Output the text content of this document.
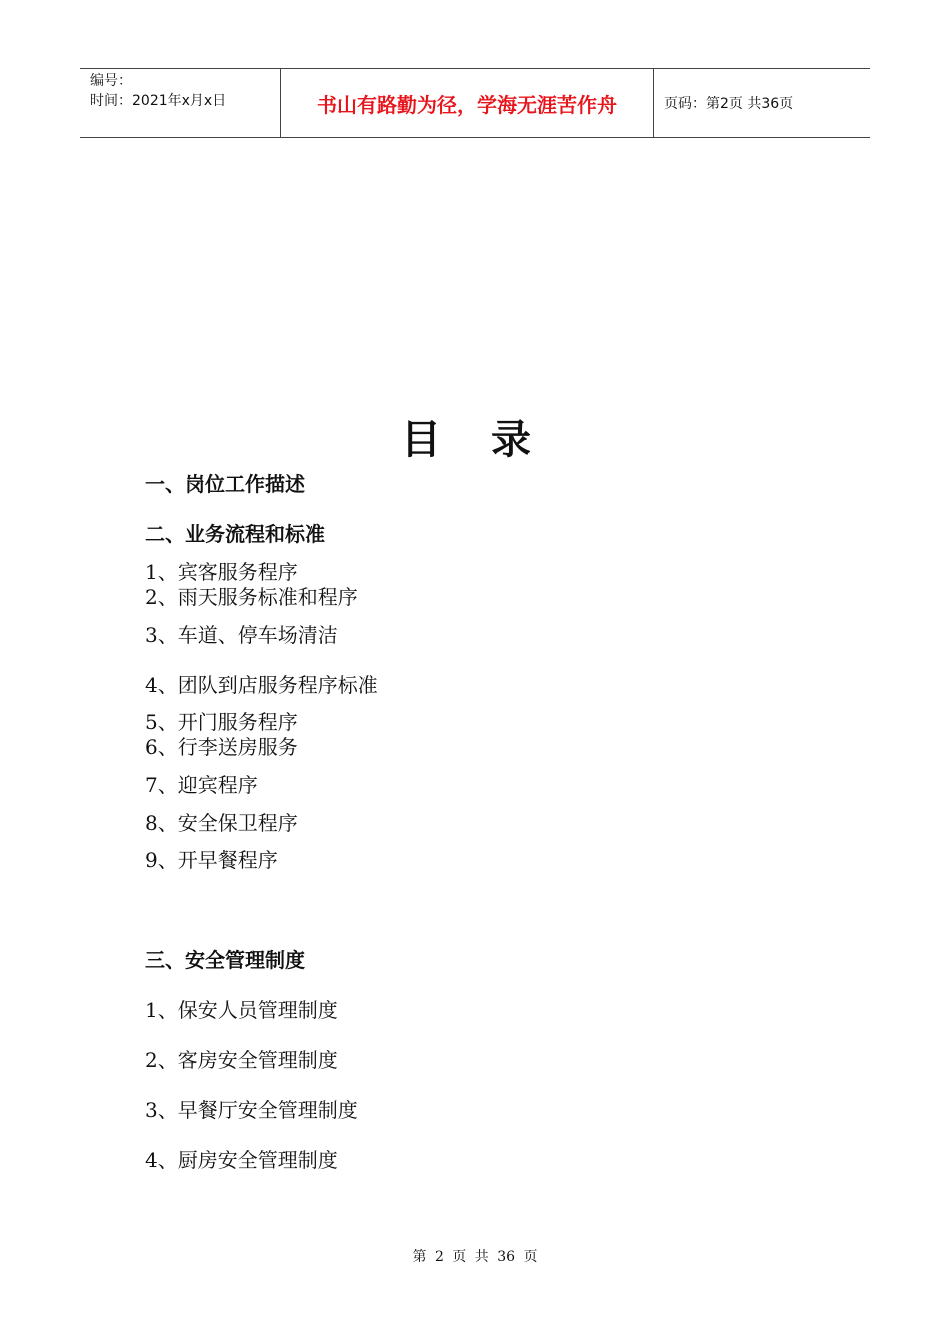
编号：
时间：2021年x月x日	书山有路勤为径，学海无涯苦作舟	页码：第2页 共36页
目 录
一、岗位工作描述
二、业务流程和标准
1、宾客服务程序
2、雨天服务标准和程序
3、车道、停车场清洁
4、团队到店服务程序标准
5、开门服务程序
6、行李送房服务
7、迎宾程序
8、安全保卫程序
9、开早餐程序
三、安全管理制度
1、保安人员管理制度
2、客房安全管理制度
3、早餐厅安全管理制度
4、厨房安全管理制度
第 2 页 共 36 页
